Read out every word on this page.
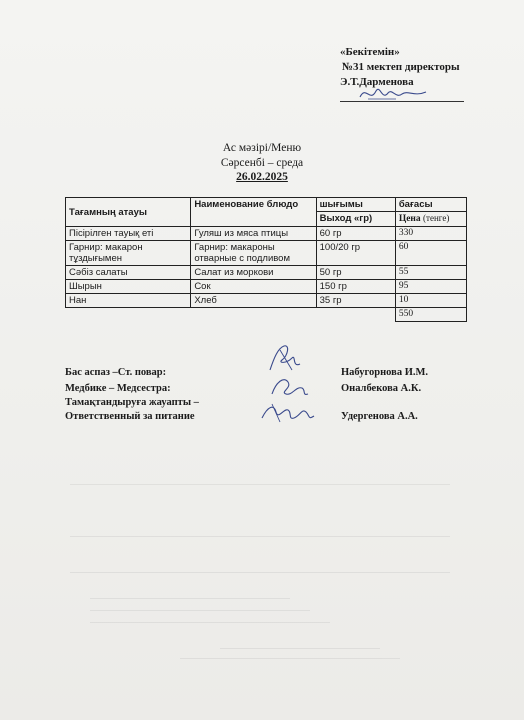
«Бекітемін»
№31 мектеп директоры
Э.Т.Дарменова
Ас мәзірі/Меню
Сәрсенбі – среда
26.02.2025
Тағамның атауы	Наименование блюдо	шығымы	бағасы
		Выход «гр)	Цена (тенге)
Пісірілген тауық еті	Гуляш из мяса птицы	60 гр	330
Гарнир: макарон тұздығымен	Гарнир: макароны отварные с подливом	100/20 гр	60
Сәбіз салаты	Салат из моркови	50 гр	55
Шырын	Сок	150 гр	95
Нан	Хлеб	35 гр	10
			550
Бас аспаз –Ст. повар:	Набугорнова И.М.
Медбике – Медсестра:	Оналбекова А.К.
Тамақтандыруға жауапты –
Ответственный за питание	Удергенова А.А.
